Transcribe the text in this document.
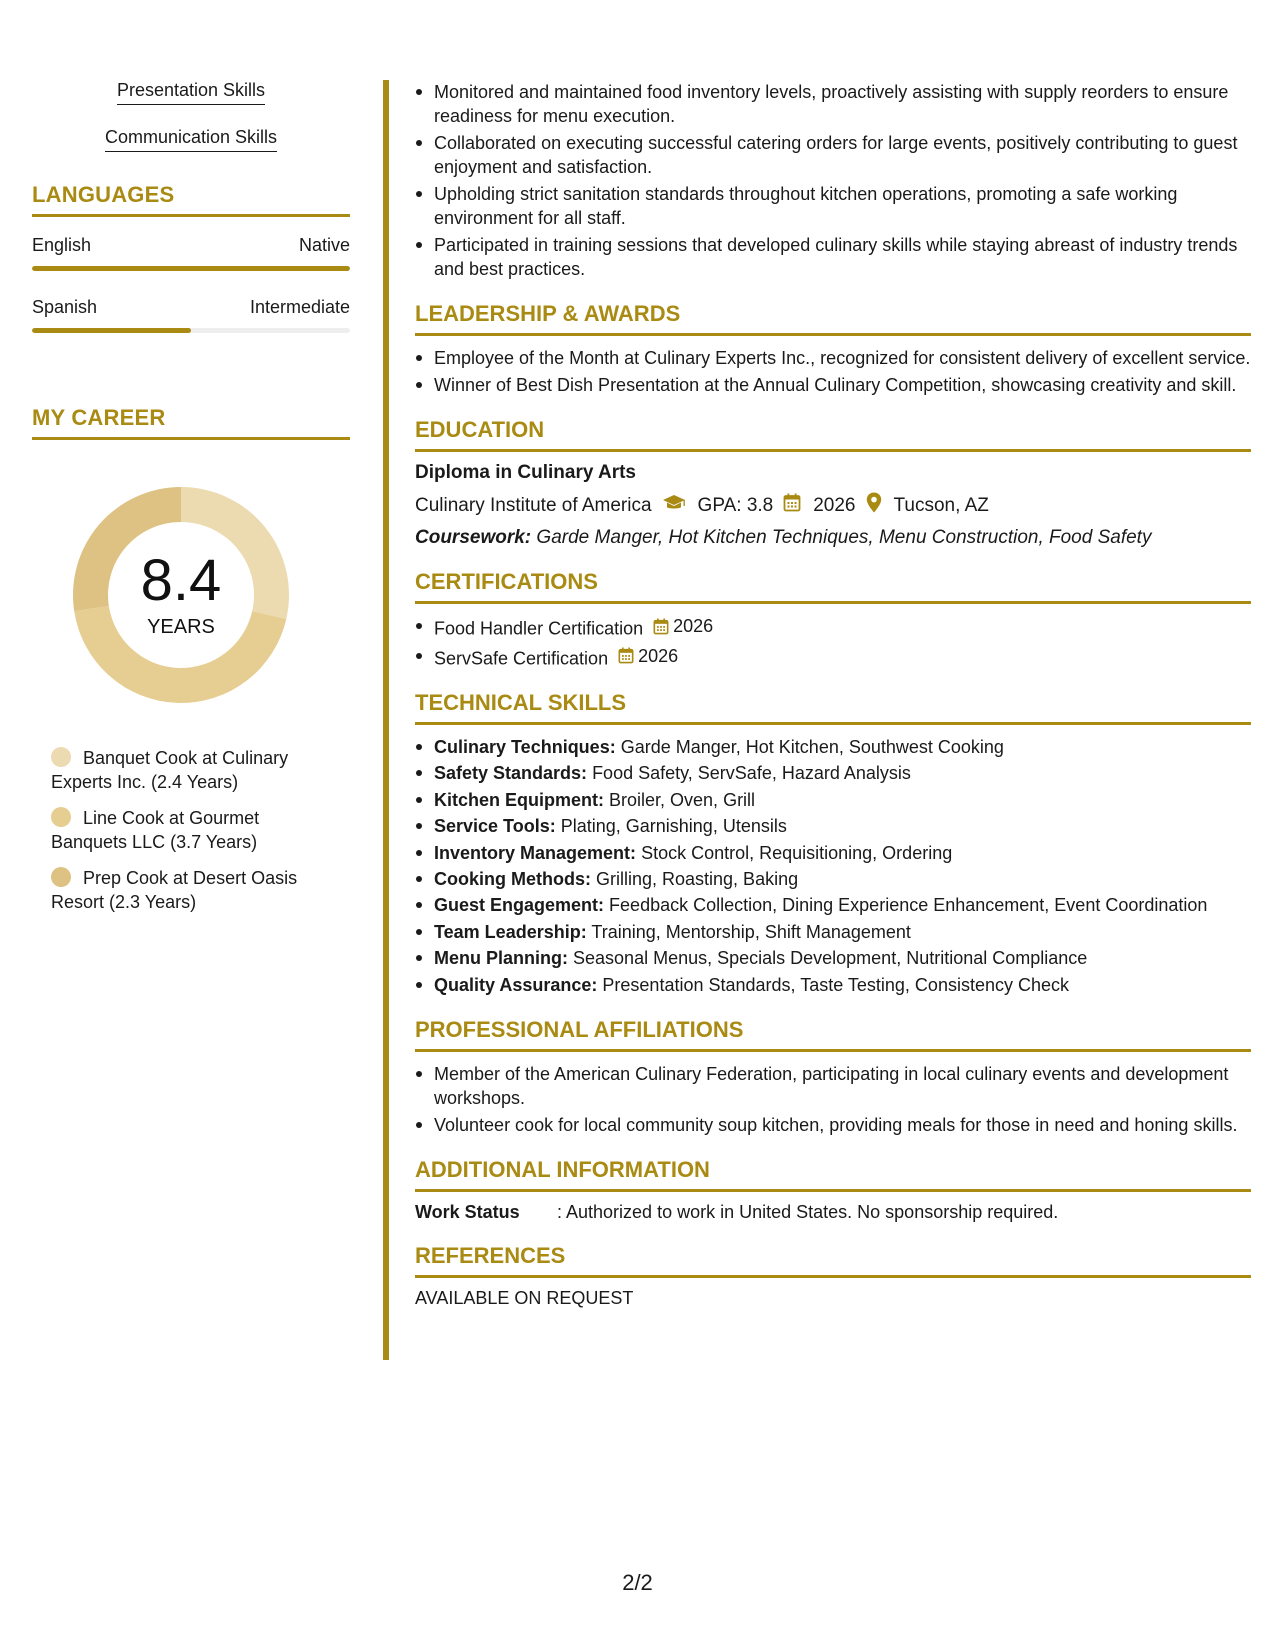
Presentation Skills
Communication Skills
LANGUAGES
English	Native
Spanish	Intermediate
MY CAREER
8.4
YEARS
Banquet Cook at Culinary Experts Inc. (2.4 Years)
Line Cook at Gourmet Banquets LLC (3.7 Years)
Prep Cook at Desert Oasis Resort (2.3 Years)
Monitored and maintained food inventory levels, proactively assisting with supply reorders to ensure readiness for menu execution.
Collaborated on executing successful catering orders for large events, positively contributing to guest enjoyment and satisfaction.
Upholding strict sanitation standards throughout kitchen operations, promoting a safe working environment for all staff.
Participated in training sessions that developed culinary skills while staying abreast of industry trends and best practices.
LEADERSHIP & AWARDS
Employee of the Month at Culinary Experts Inc., recognized for consistent delivery of excellent service.
Winner of Best Dish Presentation at the Annual Culinary Competition, showcasing creativity and skill.
EDUCATION
Diploma in Culinary Arts
Culinary Institute of America GPA: 3.8 2026 Tucson, AZ
Coursework: Garde Manger, Hot Kitchen Techniques, Menu Construction, Food Safety
CERTIFICATIONS
Food Handler Certification 2026
ServSafe Certification 2026
TECHNICAL SKILLS
Culinary Techniques: Garde Manger, Hot Kitchen, Southwest Cooking
Safety Standards: Food Safety, ServSafe, Hazard Analysis
Kitchen Equipment: Broiler, Oven, Grill
Service Tools: Plating, Garnishing, Utensils
Inventory Management: Stock Control, Requisitioning, Ordering
Cooking Methods: Grilling, Roasting, Baking
Guest Engagement: Feedback Collection, Dining Experience Enhancement, Event Coordination
Team Leadership: Training, Mentorship, Shift Management
Menu Planning: Seasonal Menus, Specials Development, Nutritional Compliance
Quality Assurance: Presentation Standards, Taste Testing, Consistency Check
PROFESSIONAL AFFILIATIONS
Member of the American Culinary Federation, participating in local culinary events and development workshops.
Volunteer cook for local community soup kitchen, providing meals for those in need and honing skills.
ADDITIONAL INFORMATION
Work Status	: Authorized to work in United States. No sponsorship required.
REFERENCES
AVAILABLE ON REQUEST
2/2
